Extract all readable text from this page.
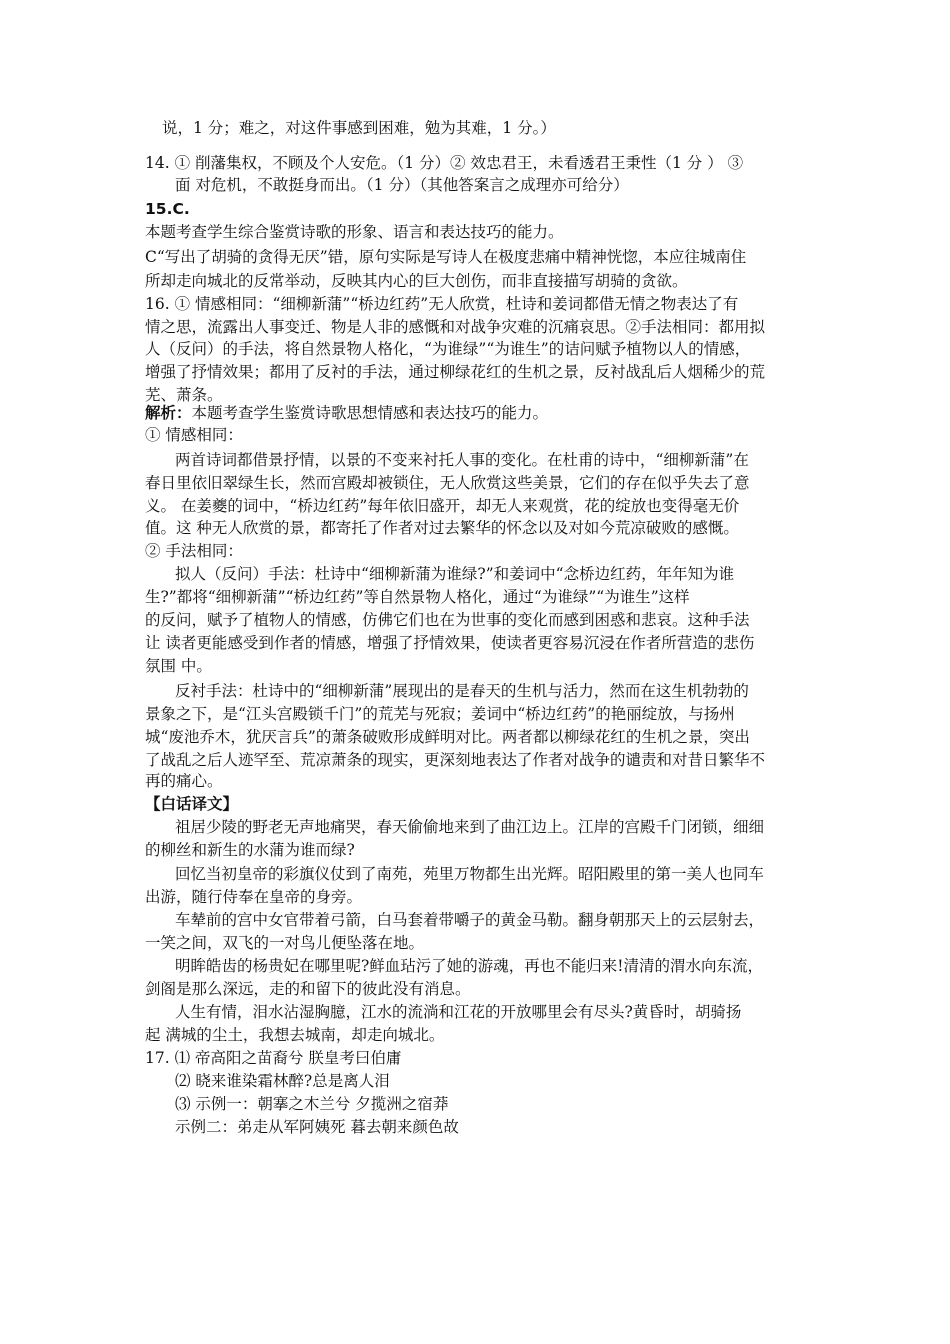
说，1 分；难之，对这件事感到困难，勉为其难，1 分。）
14. ① 削藩集权，不顾及个人安危。（1 分）② 效忠君王，未看透君王秉性（1 分 ） ③
面 对危机，不敢挺身而出。（1 分）（其他答案言之成理亦可给分）
15.C.
本题考查学生综合鉴赏诗歌的形象、语言和表达技巧的能力。
C“写出了胡骑的贪得无厌”错，原句实际是写诗人在极度悲痛中精神恍惚，本应往城南住
所却走向城北的反常举动，反映其内心的巨大创伤，而非直接描写胡骑的贪欲。
16. ① 情感相同：“细柳新蒲”“桥边红药”无人欣赏，杜诗和姜词都借无情之物表达了有
情之思，流露出人事变迁、物是人非的感慨和对战争灾难的沉痛哀思。②手法相同：都用拟
人（反问）的手法，将自然景物人格化，“为谁绿”“为谁生”的诘问赋予植物以人的情感，
增强了抒情效果；都用了反衬的手法，通过柳绿花红的生机之景，反衬战乱后人烟稀少的荒
芜、萧条。
解析：本题考查学生鉴赏诗歌思想情感和表达技巧的能力。
① 情感相同：
两首诗词都借景抒情，以景的不变来衬托人事的变化。在杜甫的诗中，“细柳新蒲”在
春日里依旧翠绿生长，然而宫殿却被锁住，无人欣赏这些美景，它们的存在似乎失去了意
义。 在姜夔的词中，“桥边红药”每年依旧盛开，却无人来观赏，花的绽放也变得毫无价
值。这 种无人欣赏的景，都寄托了作者对过去繁华的怀念以及对如今荒凉破败的感慨。
② 手法相同：
拟人（反问）手法：杜诗中“细柳新蒲为谁绿?”和姜词中“念桥边红药，年年知为谁
生?”都将“细柳新蒲”“桥边红药”等自然景物人格化，通过“为谁绿”“为谁生”这样
的反问，赋予了植物人的情感，仿佛它们也在为世事的变化而感到困惑和悲哀。这种手法
让 读者更能感受到作者的情感，增强了抒情效果，使读者更容易沉浸在作者所营造的悲伤
氛围 中。
反衬手法：杜诗中的“细柳新蒲”展现出的是春天的生机与活力，然而在这生机勃勃的
景象之下，是“江头宫殿锁千门”的荒芜与死寂；姜词中“桥边红药”的艳丽绽放，与扬州
城“废池乔木，犹厌言兵”的萧条破败形成鲜明对比。两者都以柳绿花红的生机之景，突出
了战乱之后人迹罕至、荒凉萧条的现实，更深刻地表达了作者对战争的谴责和对昔日繁华不
再的痛心。
【白话译文】
祖居少陵的野老无声地痛哭，春天偷偷地来到了曲江边上。江岸的宫殿千门闭锁，细细
的柳丝和新生的水蒲为谁而绿?
回忆当初皇帝的彩旗仪仗到了南苑，苑里万物都生出光辉。昭阳殿里的第一美人也同车
出游，随行侍奉在皇帝的身旁。
车辇前的宫中女官带着弓箭，白马套着带嚼子的黄金马勒。翻身朝那天上的云层射去，
一笑之间，双飞的一对鸟儿便坠落在地。
明眸皓齿的杨贵妃在哪里呢?鲜血玷污了她的游魂，再也不能归来!清清的渭水向东流，
剑阁是那么深远，走的和留下的彼此没有消息。
人生有情，泪水沾湿胸臆，江水的流淌和江花的开放哪里会有尽头?黄昏时，胡骑扬
起 满城的尘土，我想去城南，却走向城北。
17. ⑴ 帝高阳之苗裔兮 朕皇考曰伯庸
⑵ 晓来谁染霜林醉?总是离人泪
⑶ 示例一：朝搴之木兰兮 夕揽洲之宿莽
示例二：弟走从军阿姨死 暮去朝来颜色故
